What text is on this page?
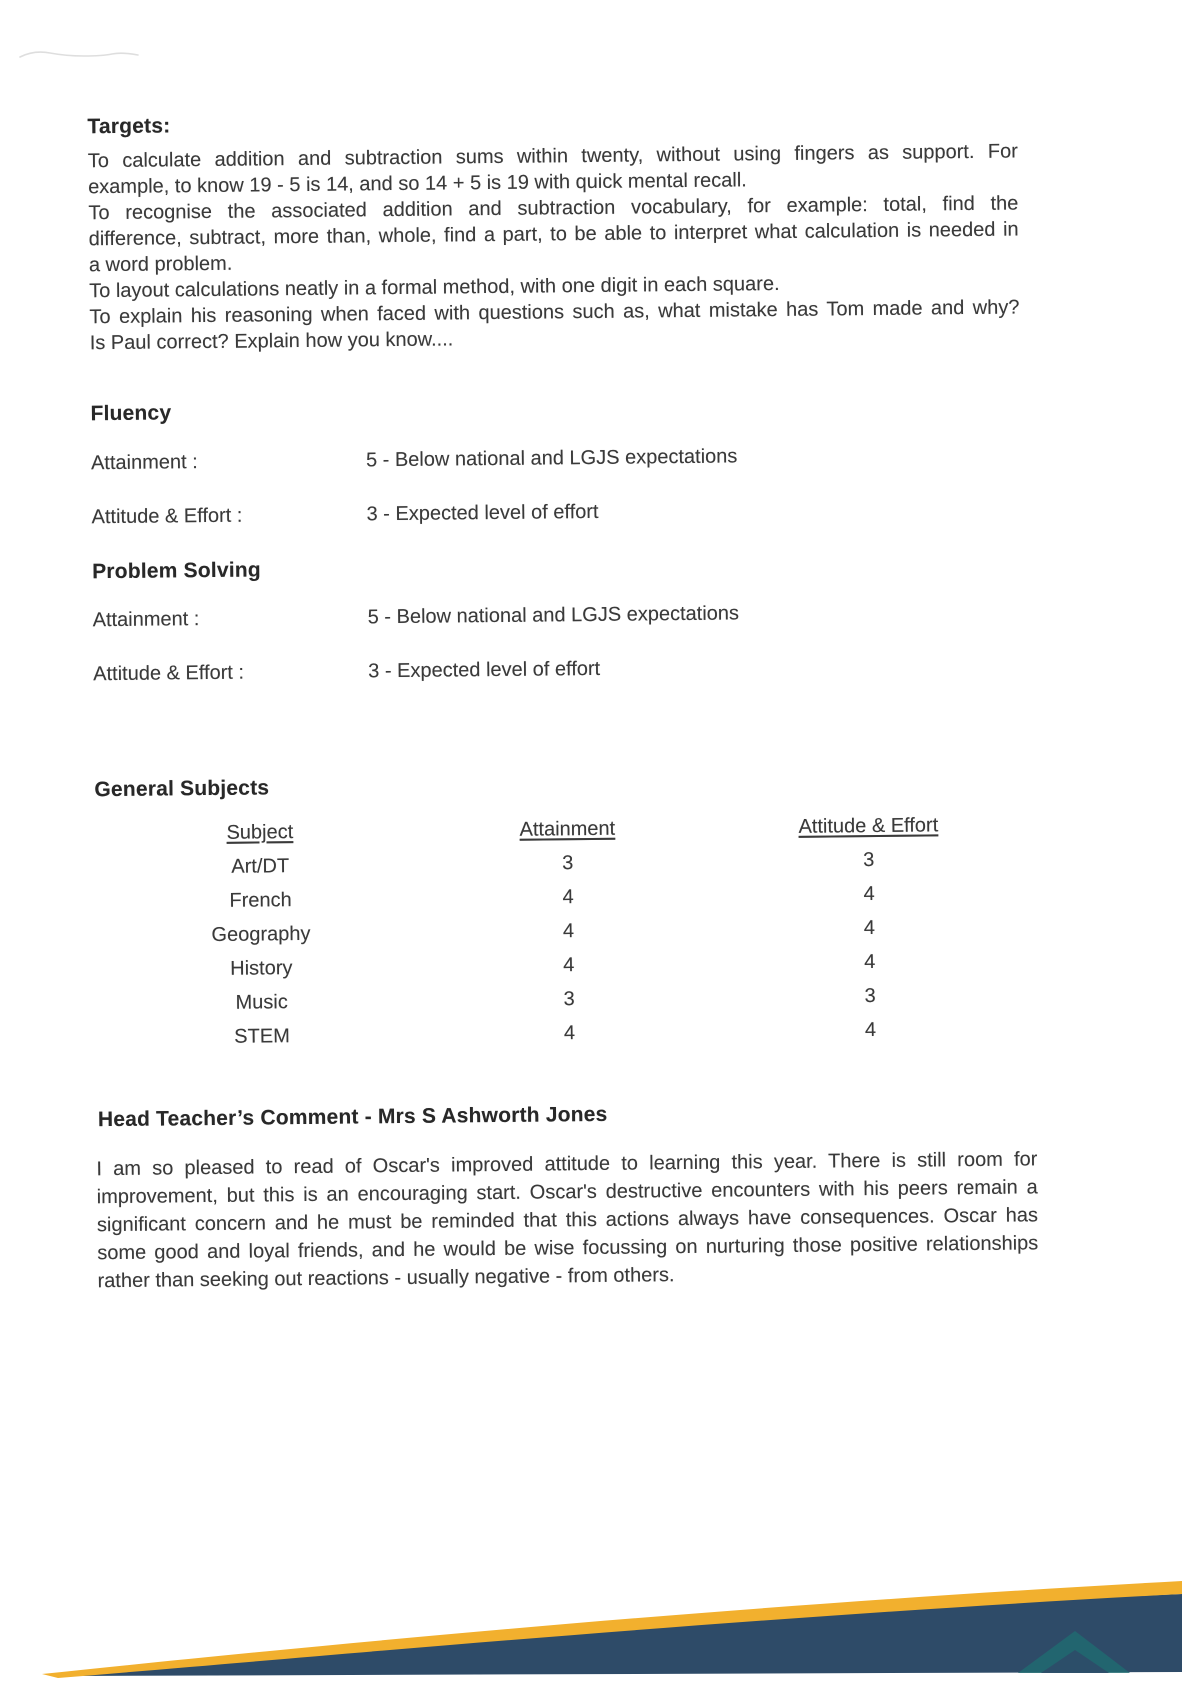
Targets:
To calculate addition and subtraction sums within twenty, without using fingers as support. For
example, to know 19 - 5 is 14, and so 14 + 5 is 19 with quick mental recall.
To recognise the associated addition and subtraction vocabulary, for example: total, find the
difference, subtract, more than, whole, find a part, to be able to interpret what calculation is needed in
a word problem.
To layout calculations neatly in a formal method, with one digit in each square.
To explain his reasoning when faced with questions such as, what mistake has Tom made and why?
Is Paul correct? Explain how you know....
Fluency
Attainment :	5 - Below national and LGJS expectations
Attitude & Effort :	3 - Expected level of effort
Problem Solving
Attainment :	5 - Below national and LGJS expectations
Attitude & Effort :	3 - Expected level of effort
General Subjects
Subject	Attainment	Attitude & Effort
Art/DT	3	3
French	4	4
Geography	4	4
History	4	4
Music	3	3
STEM	4	4
Head Teacher’s Comment - Mrs S Ashworth Jones
I am so pleased to read of Oscar's improved attitude to learning this year. There is still room for
improvement, but this is an encouraging start. Oscar's destructive encounters with his peers remain a
significant concern and he must be reminded that this actions always have consequences. Oscar has
some good and loyal friends, and he would be wise focussing on nurturing those positive relationships
rather than seeking out reactions - usually negative - from others.
